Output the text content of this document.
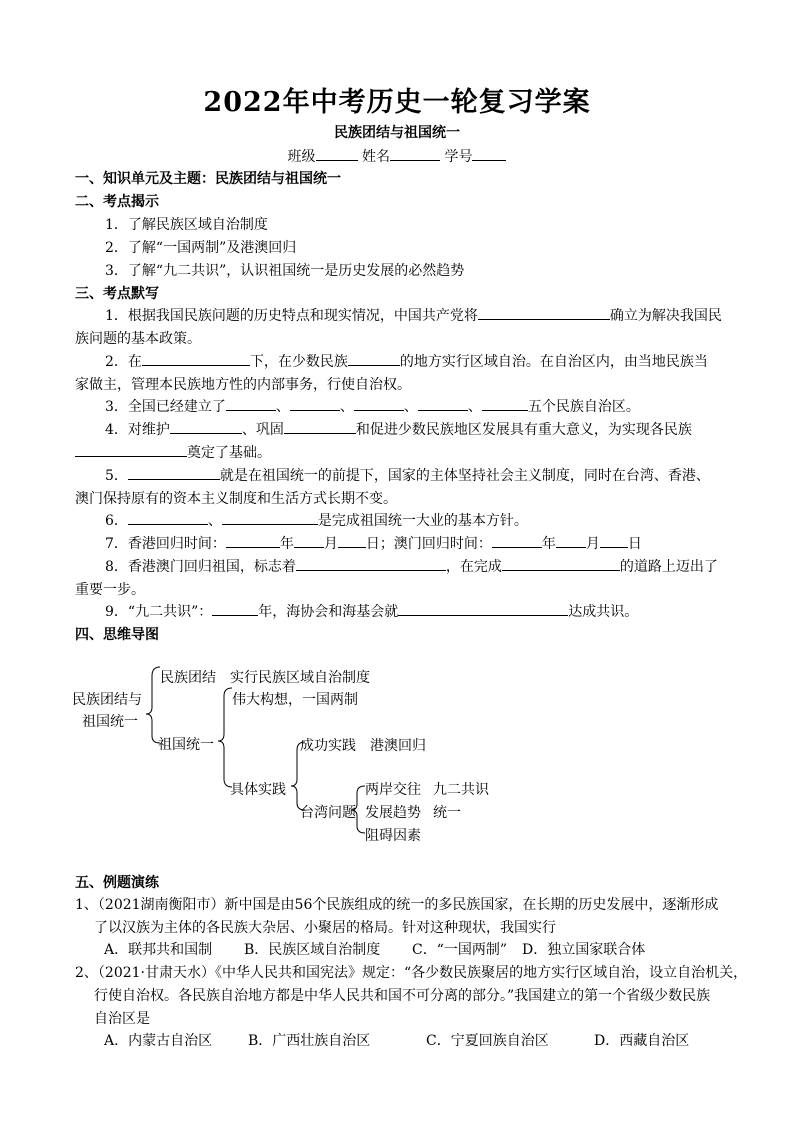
2022年中考历史一轮复习学案
民族团结与祖国统一
班级	姓名	学号
一、知识单元及主题：民族团结与祖国统一
二、考点揭示
1．了解民族区域自治制度
2．了解“一国两制”及港澳回归
3．了解“九二共识”，认识祖国统一是历史发展的必然趋势
三、考点默写
1．根据我国民族问题的历史特点和现实情况，中国共产党将	确立为解决我国民
族问题的基本政策。
2．在	下，在少数民族	的地方实行区域自治。在自治区内，由当地民族当
家做主，管理本民族地方性的内部事务，行使自治权。
3．全国已经建立了	、	、	、	、	五个民族自治区。
4．对维护	、巩固	和促进少数民族地区发展具有重大意义，为实现各民族
奠定了基础。
5．	就是在祖国统一的前提下，国家的主体坚持社会主义制度，同时在台湾、香港、
澳门保持原有的资本主义制度和生活方式长期不变。
6．	、	是完成祖国统一大业的基本方针。
7．香港回归时间：	年 月 日；澳门回归时间：	年 月 日
8．香港澳门回归祖国，标志着	，在完成	的道路上迈出了
重要一步。
9．“九二共识”：	年，海协会和海基会就	达成共识。
四、思维导图
民族团结与
祖国统一
民族团结 实行民族区域自治制度
伟大构想，一国两制
祖国统一	成功实践 港澳回归
具体实践	两岸交往 九二共识
台湾问题 发展趋势 统一
阻碍因素
五、例题演练
1、（2021湖南衡阳市）新中国是由56个民族组成的统一的多民族国家，在长期的历史发展中，逐渐形成
了以汉族为主体的各民族大杂居、小聚居的格局。针对这种现状，我国实行
A．联邦共和国制 B．民族区域自治制度 C．“一国两制” D．独立国家联合体
2、（2021·甘肃天水）《中华人民共和国宪法》规定：“各少数民族聚居的地方实行区域自治，设立自治机关，
行使自治权。各民族自治地方都是中华人民共和国不可分离的部分。”我国建立的第一个省级少数民族
自治区是
A．内蒙古自治区	B．广西壮族自治区	C．宁夏回族自治区	D．西藏自治区
